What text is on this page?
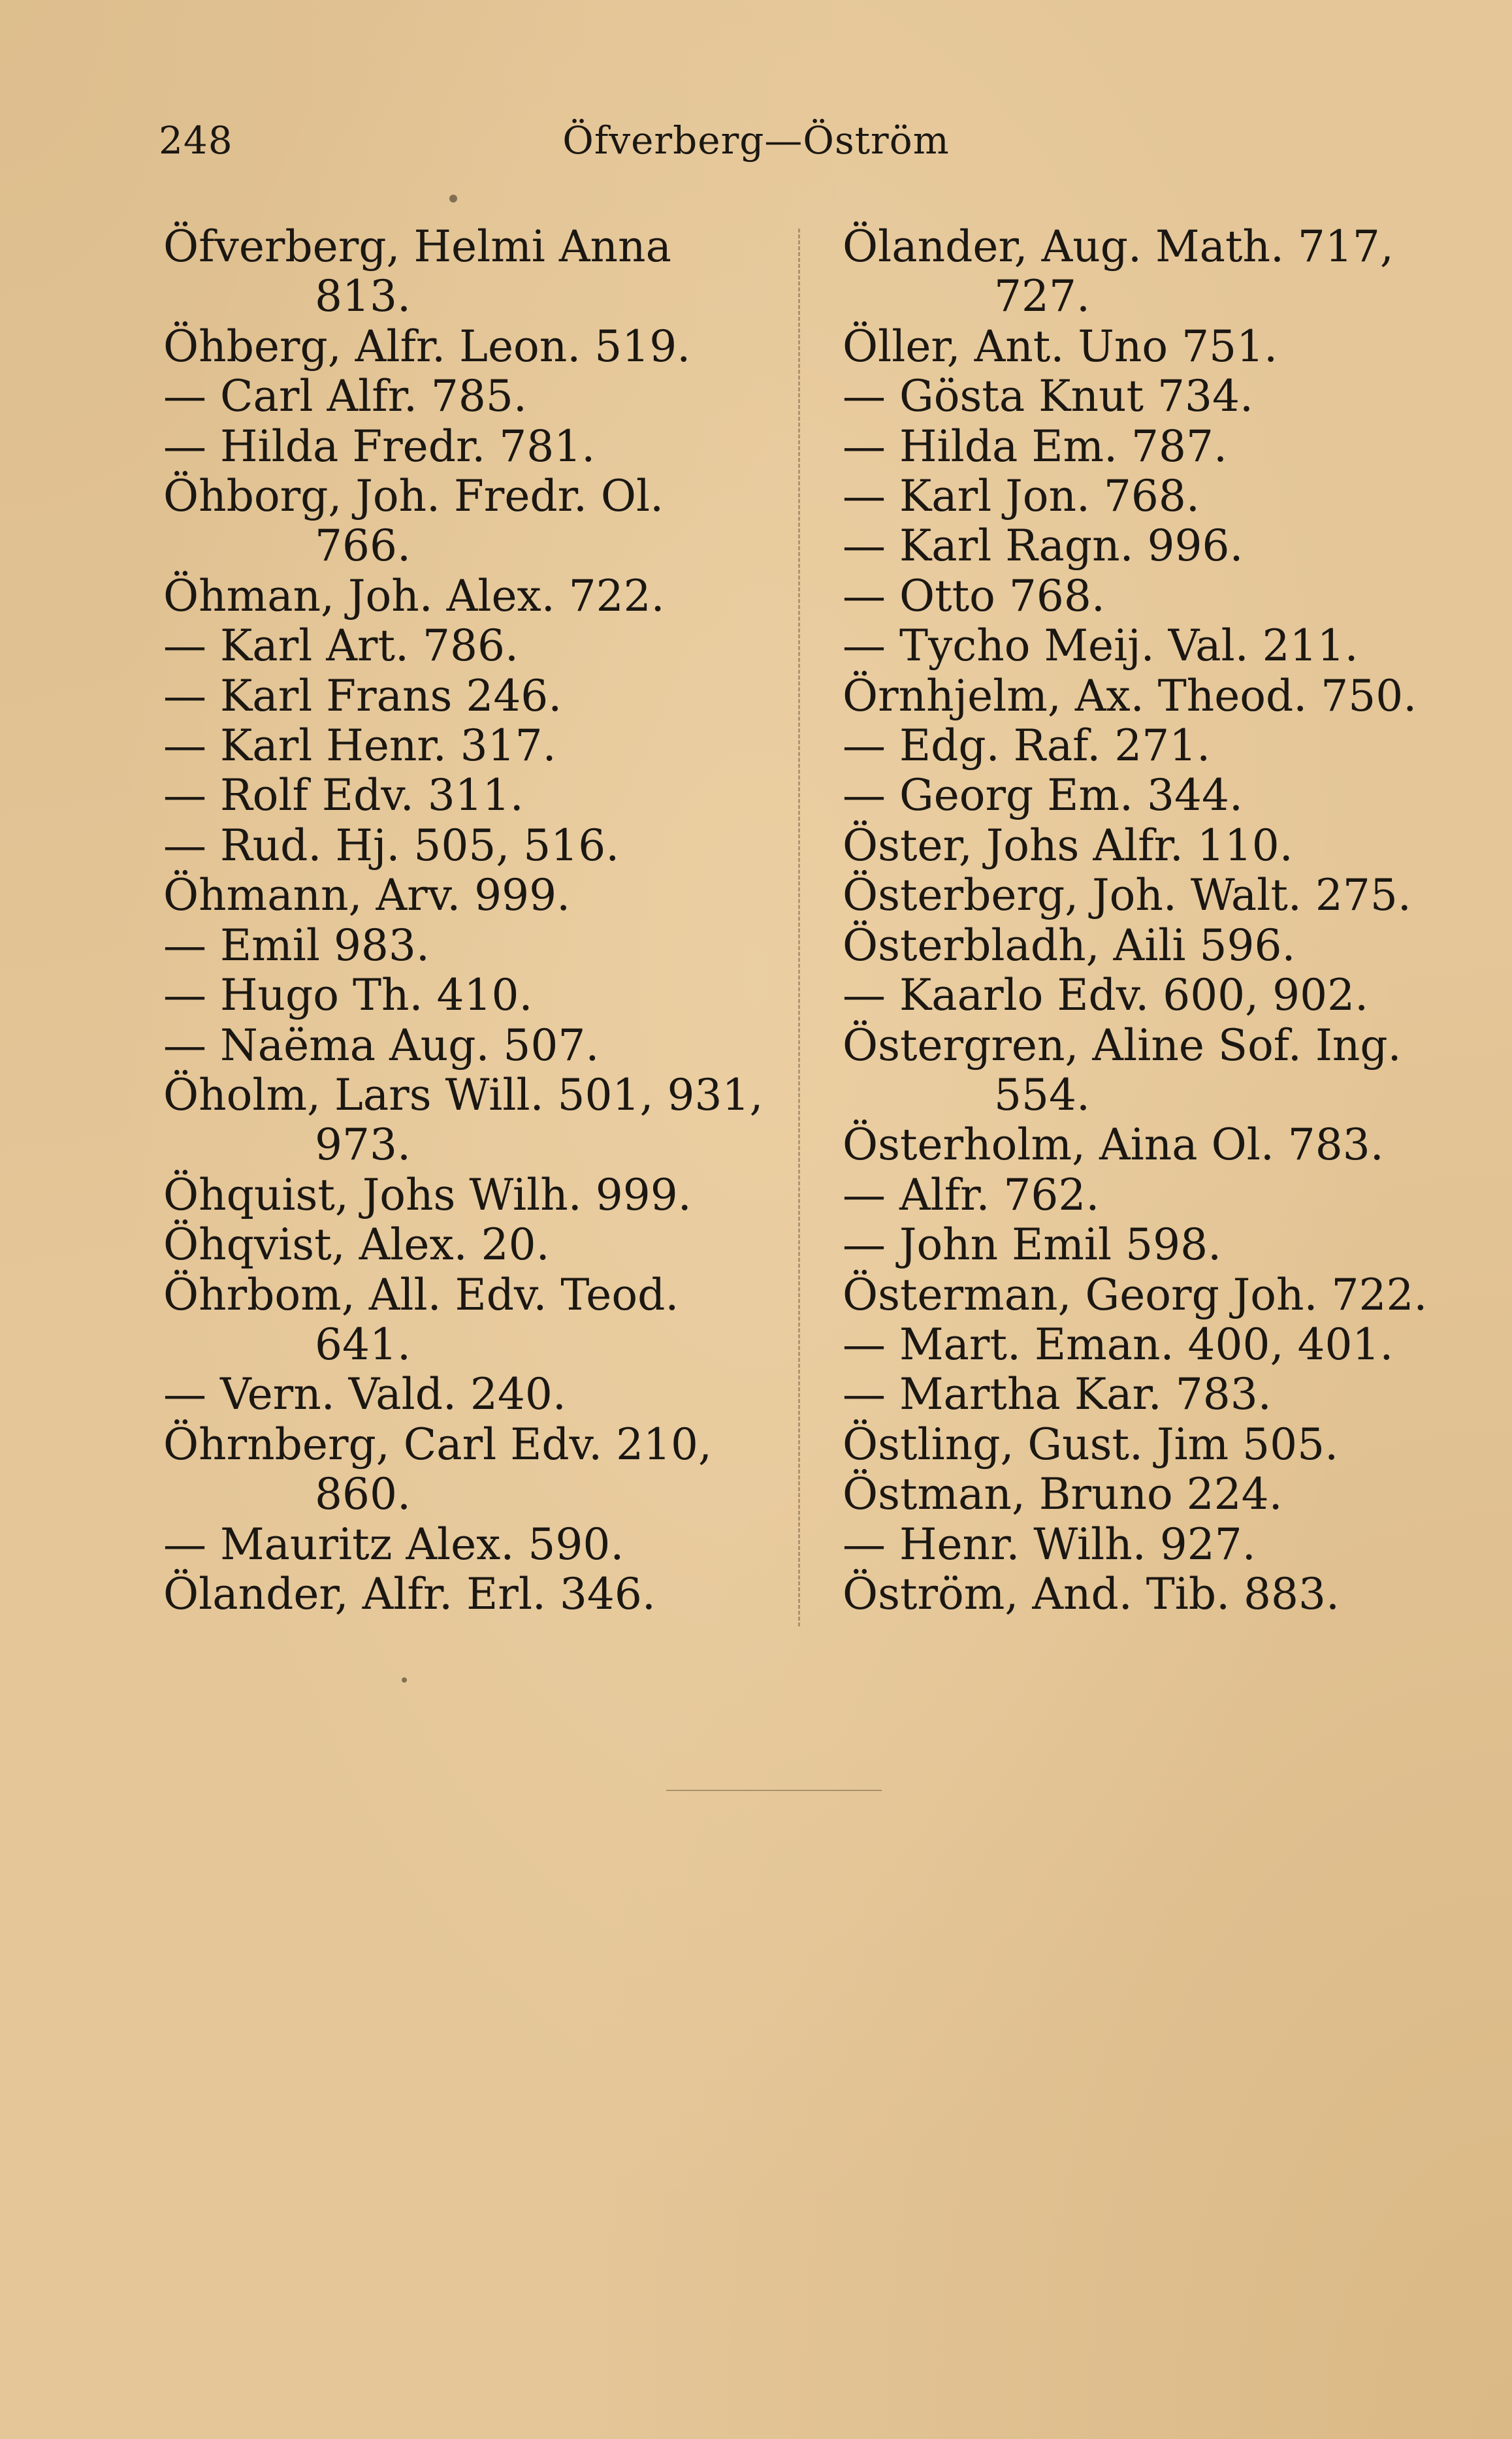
248	Öfverberg—Öström
Öfverberg, Helmi Anna
813.
Öhberg, Alfr. Leon. 519.
— Carl Alfr. 785.
— Hilda Fredr. 781.
Öhborg, Joh. Fredr. Ol.
766.
Öhman, Joh. Alex. 722.
— Karl Art. 786.
— Karl Frans 246.
— Karl Henr. 317.
— Rolf Edv. 311.
— Rud. Hj. 505, 516.
Öhmann, Arv. 999.
— Emil 983.
— Hugo Th. 410.
— Naëma Aug. 507.
Öholm, Lars Will. 501, 931,
973.
Öhquist, Johs Wilh. 999.
Öhqvist, Alex. 20.
Öhrbom, All. Edv. Teod.
641.
— Vern. Vald. 240.
Öhrnberg, Carl Edv. 210,
860.
— Mauritz Alex. 590.
Ölander, Alfr. Erl. 346.
Ölander, Aug. Math. 717,
727.
Öller, Ant. Uno 751.
— Gösta Knut 734.
— Hilda Em. 787.
— Karl Jon. 768.
— Karl Ragn. 996.
— Otto 768.
— Tycho Meij. Val. 211.
Örnhjelm, Ax. Theod. 750.
— Edg. Raf. 271.
— Georg Em. 344.
Öster, Johs Alfr. 110.
Österberg, Joh. Walt. 275.
Österbladh, Aili 596.
— Kaarlo Edv. 600, 902.
Östergren, Aline Sof. Ing.
554.
Österholm, Aina Ol. 783.
— Alfr. 762.
— John Emil 598.
Österman, Georg Joh. 722.
— Mart. Eman. 400, 401.
— Martha Kar. 783.
Östling, Gust. Jim 505.
Östman, Bruno 224.
— Henr. Wilh. 927.
Öström, And. Tib. 883.
